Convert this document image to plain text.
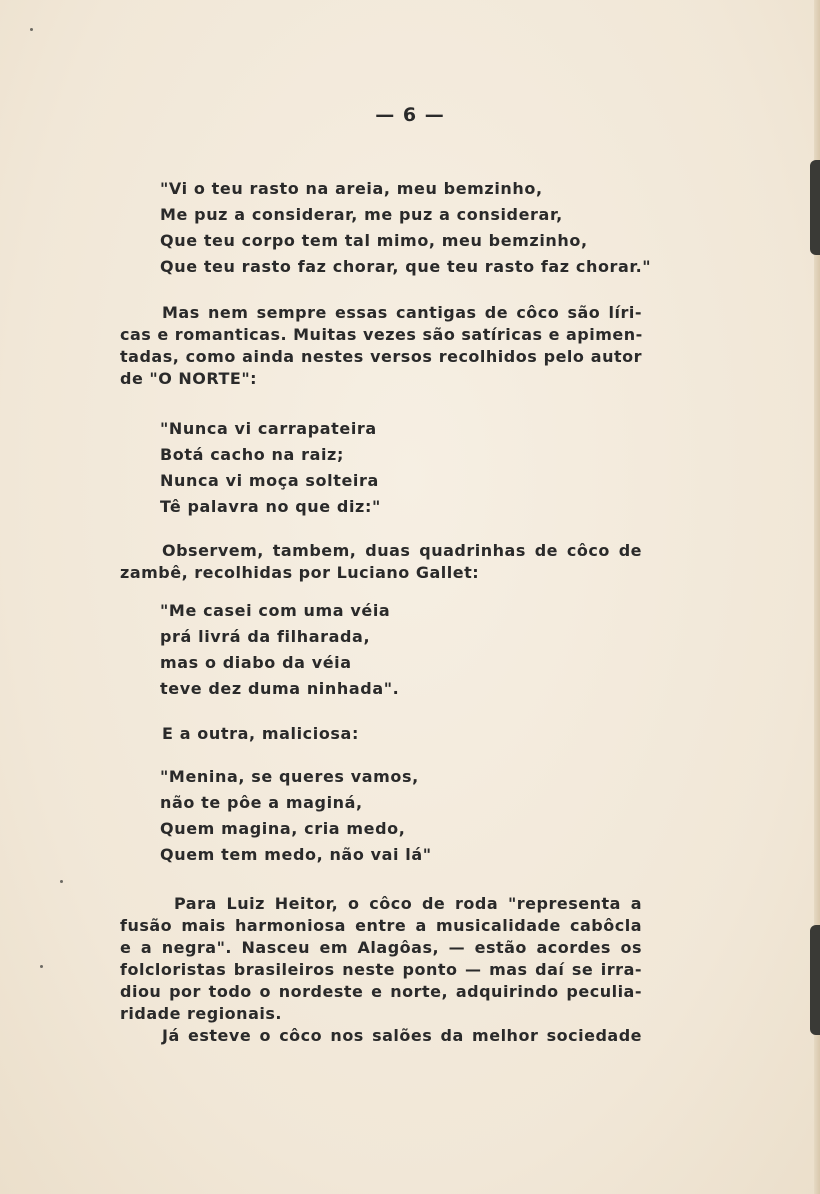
— 6 —
"Vi o teu rasto na areia, meu bemzinho,
Me puz a considerar, me puz a considerar,
Que teu corpo tem tal mimo, meu bemzinho,
Que teu rasto faz chorar, que teu rasto faz chorar."
Mas nem sempre essas cantigas de côco são líri-
cas e romanticas. Muitas vezes são satíricas e apimen-
tadas, como ainda nestes versos recolhidos pelo autor
de "O NORTE":
"Nunca vi carrapateira
Botá cacho na raiz;
Nunca vi moça solteira
Tê palavra no que diz:"
Observem, tambem, duas quadrinhas de côco de
zambê, recolhidas por Luciano Gallet:
"Me casei com uma véia
prá livrá da filharada,
mas o diabo da véia
teve dez duma ninhada".
E a outra, maliciosa:
"Menina, se queres vamos,
não te pôe a maginá,
Quem magina, cria medo,
Quem tem medo, não vai lá"
Para Luiz Heitor, o côco de roda "representa a
fusão mais harmoniosa entre a musicalidade cabôcla
e a negra". Nasceu em Alagôas, — estão acordes os
folcloristas brasileiros neste ponto — mas daí se irra-
diou por todo o nordeste e norte, adquirindo peculia-
ridade regionais.
Já esteve o côco nos salões da melhor sociedade
